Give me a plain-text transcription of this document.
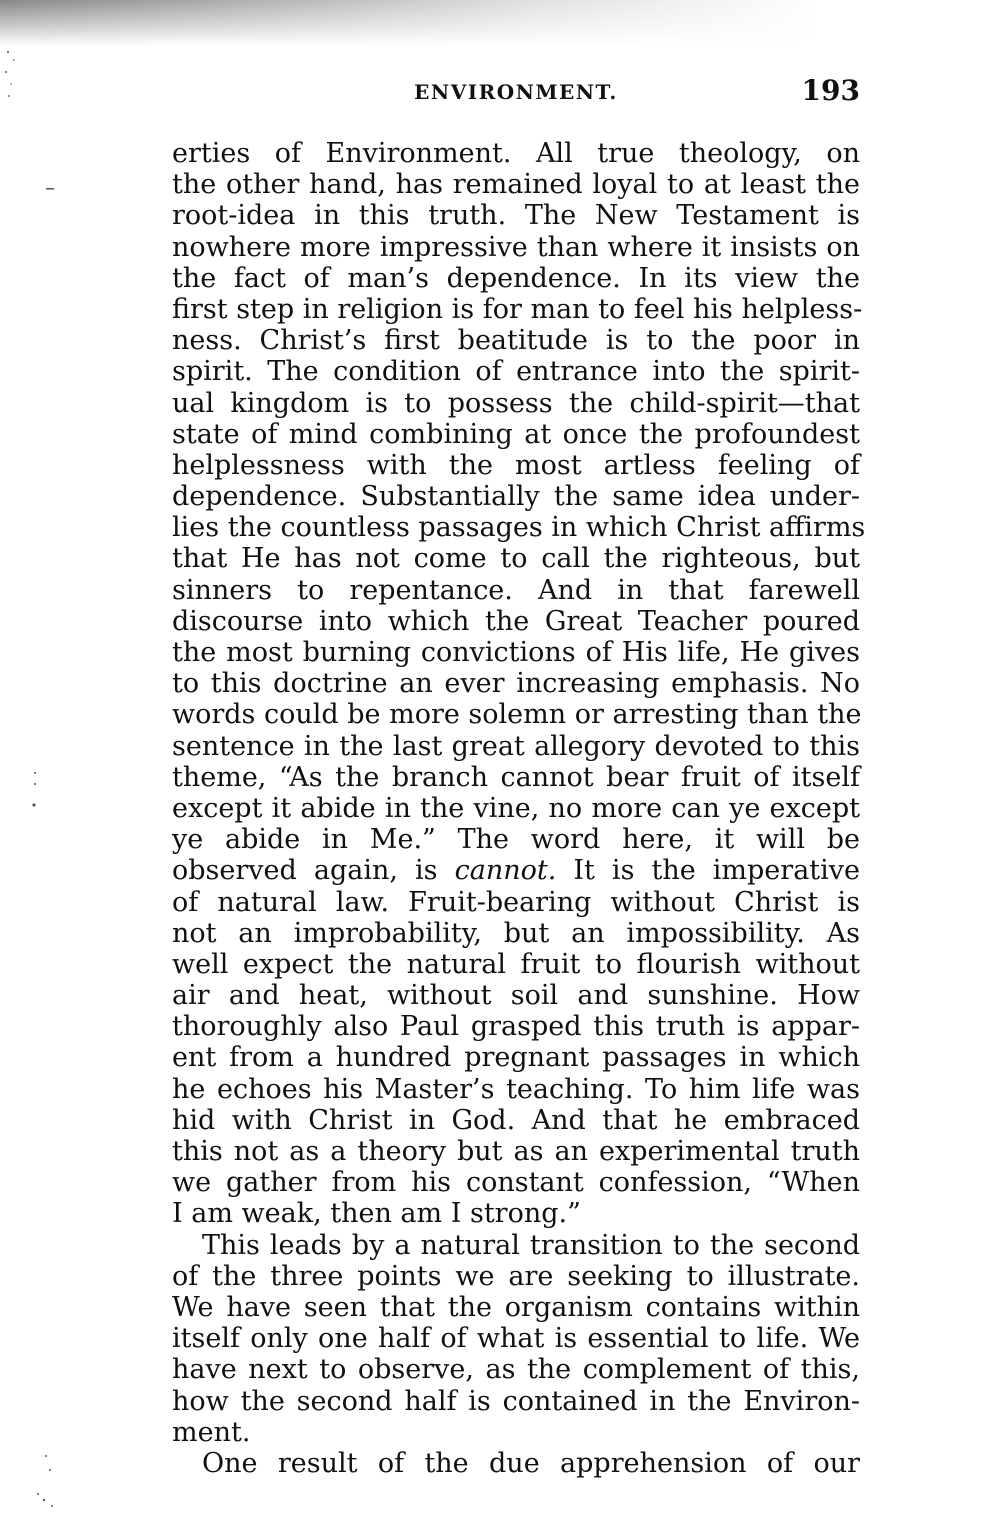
ENVIRONMENT.	193
erties of Environment. All true theology, on
the other hand, has remained loyal to at least the
root-idea in this truth. The New Testament is
nowhere more impressive than where it insists on
the fact of man’s dependence. In its view the
first step in religion is for man to feel his helpless-
ness. Christ’s first beatitude is to the poor in
spirit. The condition of entrance into the spirit-
ual kingdom is to possess the child-spirit—that
state of mind combining at once the profoundest
helplessness with the most artless feeling of
dependence. Substantially the same idea under-
lies the countless passages in which Christ affirms
that He has not come to call the righteous, but
sinners to repentance. And in that farewell
discourse into which the Great Teacher poured
the most burning convictions of His life, He gives
to this doctrine an ever increasing emphasis. No
words could be more solemn or arresting than the
sentence in the last great allegory devoted to this
theme, “As the branch cannot bear fruit of itself
except it abide in the vine, no more can ye except
ye abide in Me.” The word here, it will be
observed again, is cannot. It is the imperative
of natural law. Fruit-bearing without Christ is
not an improbability, but an impossibility. As
well expect the natural fruit to flourish without
air and heat, without soil and sunshine. How
thoroughly also Paul grasped this truth is appar-
ent from a hundred pregnant passages in which
he echoes his Master’s teaching. To him life was
hid with Christ in God. And that he embraced
this not as a theory but as an experimental truth
we gather from his constant confession, “When
I am weak, then am I strong.”
This leads by a natural transition to the second
of the three points we are seeking to illustrate.
We have seen that the organism contains within
itself only one half of what is essential to life. We
have next to observe, as the complement of this,
how the second half is contained in the Environ-
ment.
One result of the due apprehension of our
